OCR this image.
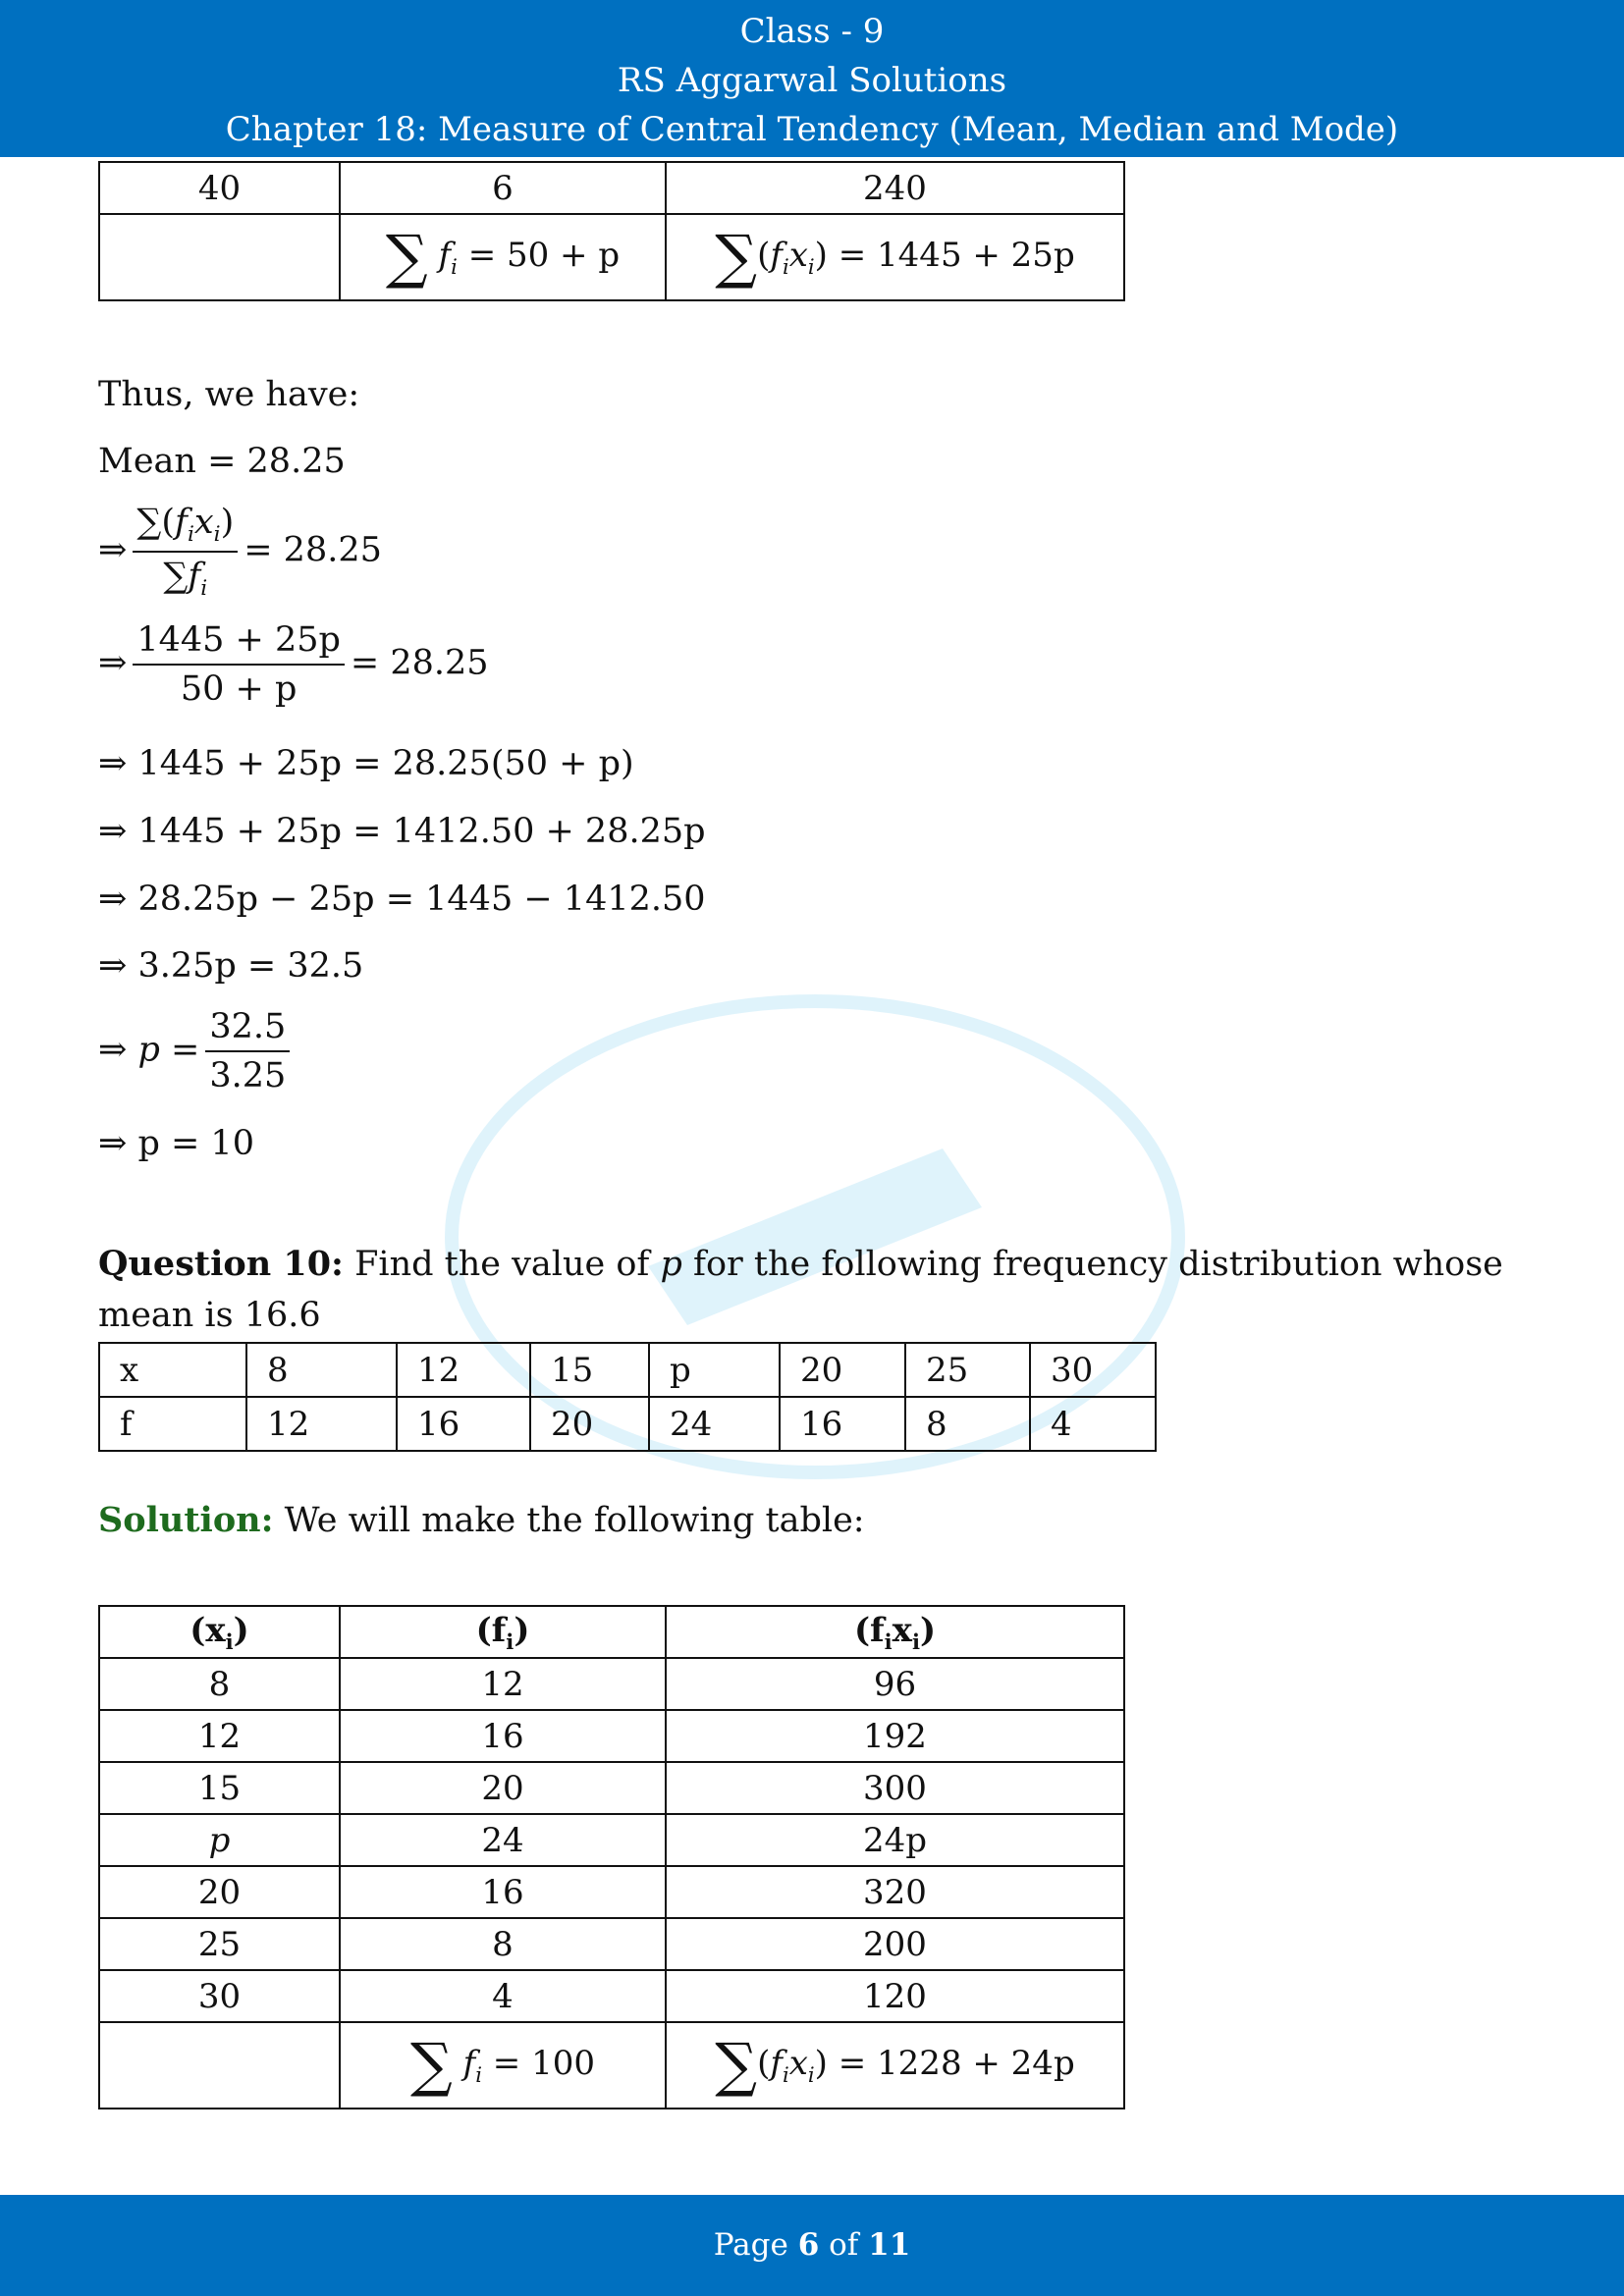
Class - 9
RS Aggarwal Solutions
Chapter 18: Measure of Central Tendency (Mean, Median and Mode)
40	6	240
	∑ $f_i = 50 + p$	$\sum(f_ix_i) = 1445 + 25p$
Thus, we have:
Mean = 28.25
⇒ $\frac{\sum(f_ix_i)}{\sum f_i} = 28.25$
⇒ $\frac{1445 + 25p}{50 + p} = 28.25$
⇒ 1445 + 25p = 28.25(50 + p)
⇒ 1445 + 25p = 1412.50 + 28.25p
⇒ 28.25p − 25p = 1445 − 1412.50
⇒ 3.25p = 32.5
⇒ $p = \frac{32.5}{3.25}$
⇒ p = 10
Question 10: Find the value of p for the following frequency distribution whose mean is 16.6
x	8	12	15	p	20	25	30
f	12	16	20	24	16	8	4
Solution: We will make the following table:
$(x_i)$	$(f_i)$	$(f_ix_i)$
8	12	96
12	16	192
15	20	300
p	24	24p
20	16	320
25	8	200
30	4	120
	∑ $f_i = 100$	$\sum(f_ix_i) = 1228 + 24p$
Page 6 of 11
